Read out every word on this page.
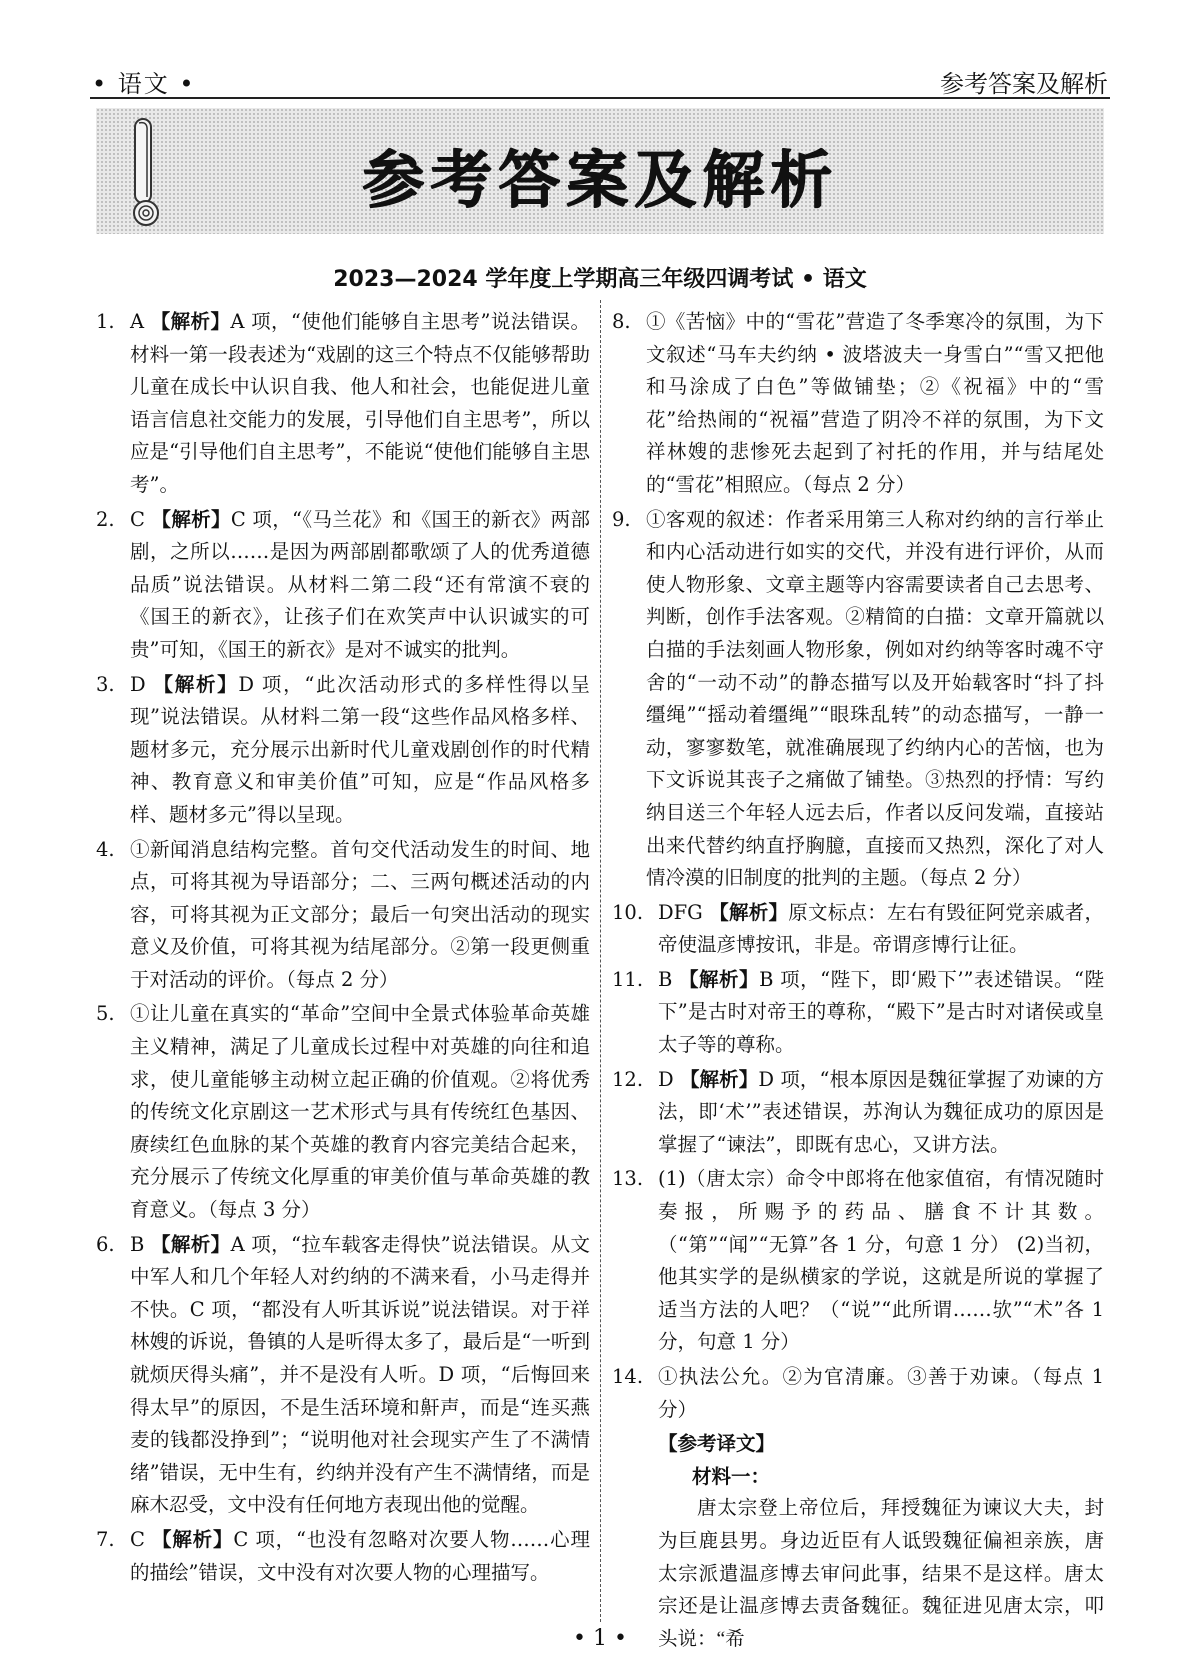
• 语文 •	参考答案及解析
参考答案及解析
2023—2024 学年度上学期高三年级四调考试 • 语文
1. A 【解析】A 项，“使他们能够自主思考”说法错误。材料一第一段表述为“戏剧的这三个特点不仅能够帮助儿童在成长中认识自我、他人和社会，也能促进儿童语言信息社交能力的发展，引导他们自主思考”，所以应是“引导他们自主思考”，不能说“使他们能够自主思考”。
2. C 【解析】C 项，“《马兰花》和《国王的新衣》两部剧，之所以……是因为两部剧都歌颂了人的优秀道德品质”说法错误。从材料二第二段“还有常演不衰的《国王的新衣》，让孩子们在欢笑声中认识诚实的可贵”可知，《国王的新衣》是对不诚实的批判。
3. D 【解析】D 项，“此次活动形式的多样性得以呈现”说法错误。从材料二第一段“这些作品风格多样、题材多元，充分展示出新时代儿童戏剧创作的时代精神、教育意义和审美价值”可知，应是“作品风格多样、题材多元”得以呈现。
4. ①新闻消息结构完整。首句交代活动发生的时间、地点，可将其视为导语部分；二、三两句概述活动的内容，可将其视为正文部分；最后一句突出活动的现实意义及价值，可将其视为结尾部分。②第一段更侧重于对活动的评价。（每点 2 分）
5. ①让儿童在真实的“革命”空间中全景式体验革命英雄主义精神，满足了儿童成长过程中对英雄的向往和追求，使儿童能够主动树立起正确的价值观。②将优秀的传统文化京剧这一艺术形式与具有传统红色基因、赓续红色血脉的某个英雄的教育内容完美结合起来，充分展示了传统文化厚重的审美价值与革命英雄的教育意义。（每点 3 分）
6. B 【解析】A 项，“拉车载客走得快”说法错误。从文中军人和几个年轻人对约纳的不满来看，小马走得并不快。C 项，“都没有人听其诉说”说法错误。对于祥林嫂的诉说，鲁镇的人是听得太多了，最后是“一听到就烦厌得头痛”，并不是没有人听。D 项，“后悔回来得太早”的原因，不是生活环境和鼾声，而是“连买燕麦的钱都没挣到”；“说明他对社会现实产生了不满情绪”错误，无中生有，约纳并没有产生不满情绪，而是麻木忍受，文中没有任何地方表现出他的觉醒。
7. C 【解析】C 项，“也没有忽略对次要人物……心理的描绘”错误，文中没有对次要人物的心理描写。
8. ①《苦恼》中的“雪花”营造了冬季寒冷的氛围，为下文叙述“马车夫约纳 • 波塔波夫一身雪白”“雪又把他和马涂成了白色”等做铺垫；②《祝福》中的“雪花”给热闹的“祝福”营造了阴冷不祥的氛围，为下文祥林嫂的悲惨死去起到了衬托的作用，并与结尾处的“雪花”相照应。（每点 2 分）
9. ①客观的叙述：作者采用第三人称对约纳的言行举止和内心活动进行如实的交代，并没有进行评价，从而使人物形象、文章主题等内容需要读者自己去思考、判断，创作手法客观。②精简的白描：文章开篇就以白描的手法刻画人物形象，例如对约纳等客时魂不守舍的“一动不动”的静态描写以及开始载客时“抖了抖缰绳”“摇动着缰绳”“眼珠乱转”的动态描写，一静一动，寥寥数笔，就准确展现了约纳内心的苦恼，也为下文诉说其丧子之痛做了铺垫。③热烈的抒情：写约纳目送三个年轻人远去后，作者以反问发端，直接站出来代替约纳直抒胸臆，直接而又热烈，深化了对人情冷漠的旧制度的批判的主题。（每点 2 分）
10. DFG 【解析】原文标点：左右有毁征阿党亲戚者，帝使温彦博按讯，非是。帝谓彦博行让征。
11. B 【解析】B 项，“陛下，即‘殿下’”表述错误。“陛下”是古时对帝王的尊称，“殿下”是古时对诸侯或皇太子等的尊称。
12. D 【解析】D 项，“根本原因是魏征掌握了劝谏的方法，即‘术’”表述错误，苏洵认为魏征成功的原因是掌握了“谏法”，即既有忠心，又讲方法。
13. (1)（唐太宗）命令中郎将在他家值宿，有情况随时奏报，所赐予的药品、膳食不计其数。（“第”“闻”“无算”各 1 分，句意 1 分） (2)当初，他其实学的是纵横家的学说，这就是所说的掌握了适当方法的人吧？（“说”“此所谓……欤”“术”各 1 分，句意 1 分）
14. ①执法公允。②为官清廉。③善于劝谏。（每点 1 分）
【参考译文】
材料一：
唐太宗登上帝位后，拜授魏征为谏议大夫，封为巨鹿县男。身边近臣有人诋毁魏征偏袒亲族，唐太宗派遣温彦博去审问此事，结果不是这样。唐太宗还是让温彦博去责备魏征。魏征进见唐太宗，叩头说：“希
• 1 •
